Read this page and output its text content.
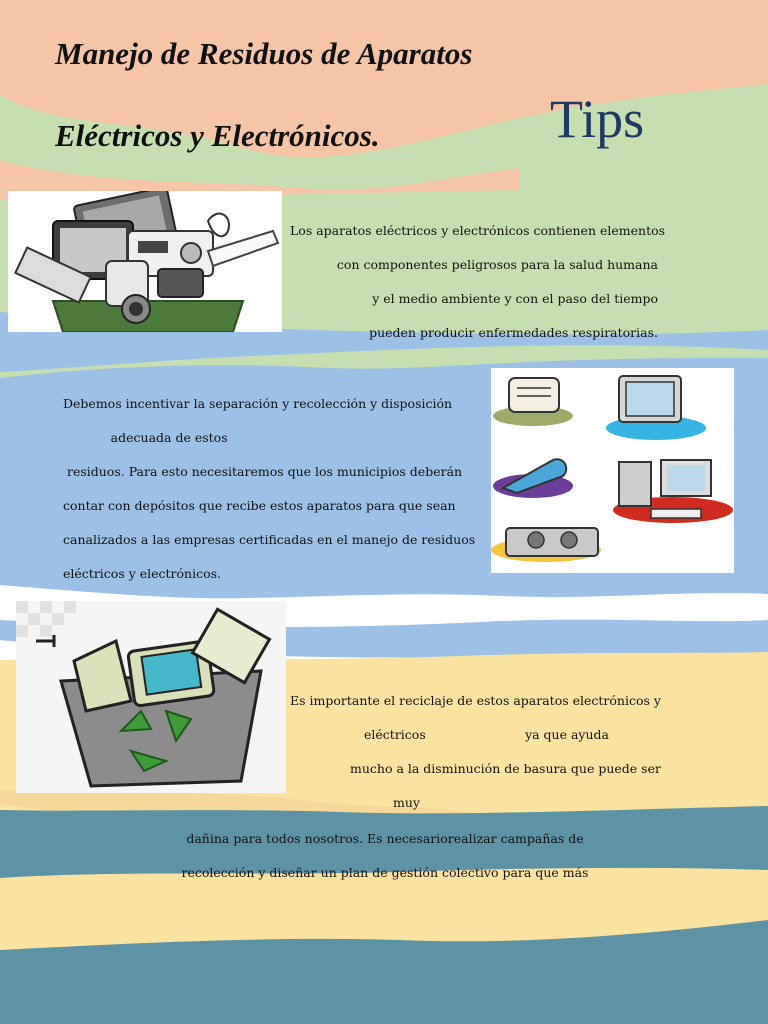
Manejo de Residuos de Aparatos
Eléctricos y Electrónicos.	Tips
Los aparatos eléctricos y electrónicos contienen elementos
con componentes peligrosos para la salud humana
y el medio ambiente y con el paso del tiempo
pueden producir enfermedades respiratorias.
Debemos incentivar la separación y recolección y disposición
adecuada de estos
residuos. Para esto necesitaremos que los municipios deberán
contar con depósitos que recibe estos aparatos para que sean
canalizados a las empresas certificadas en el manejo de residuos
eléctricos y electrónicos.
Es importante el reciclaje de estos aparatos electrónicos y
eléctricos                         ya que ayuda
mucho a la disminución de basura que puede ser
muy
dañina para todos nosotros. Es necesariorealizar campañas de
recolección y diseñar un plan de gestión colectivo para que más
